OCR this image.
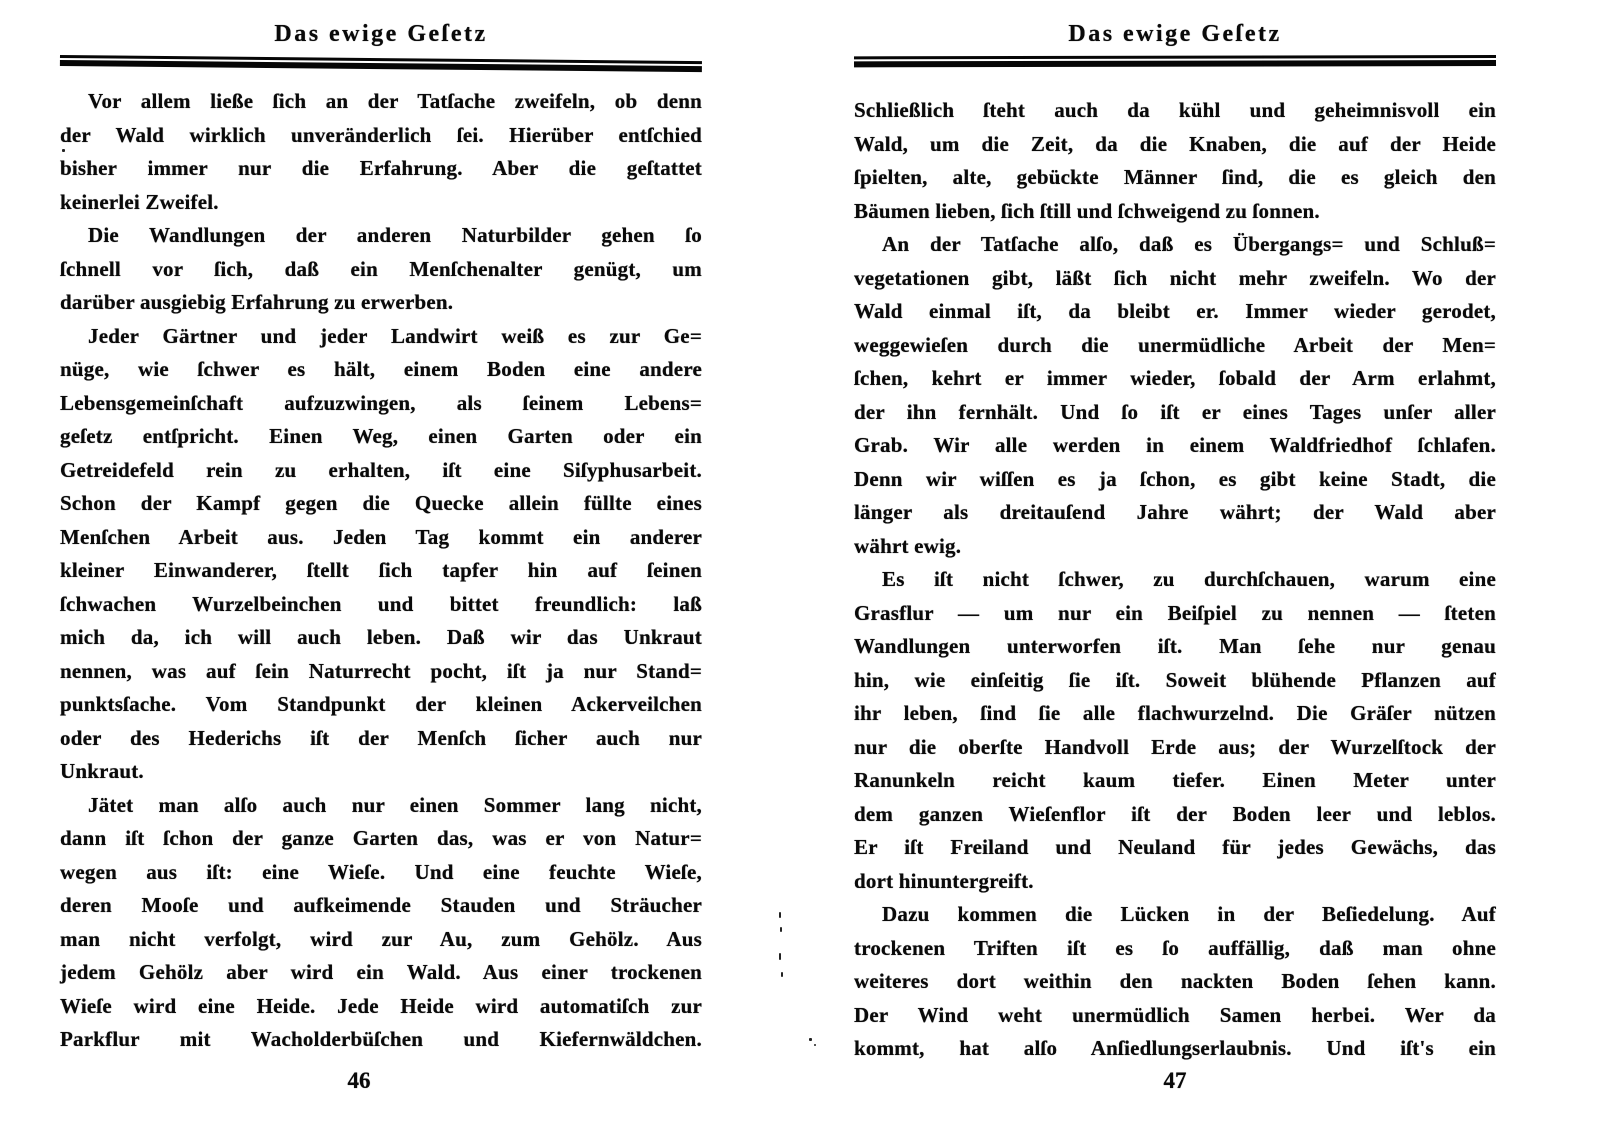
Das ewige Geſetz
Vor allem ließe ſich an der Tatſache zweifeln, ob denn
der Wald wirklich unveränderlich ſei. Hierüber entſchied
bisher immer nur die Erfahrung. Aber die geſtattet
keinerlei Zweifel.
Die Wandlungen der anderen Naturbilder gehen ſo
ſchnell vor ſich, daß ein Menſchenalter genügt, um
darüber ausgiebig Erfahrung zu erwerben.
Jeder Gärtner und jeder Landwirt weiß es zur Ge=
nüge, wie ſchwer es hält, einem Boden eine andere
Lebensgemeinſchaft aufzuzwingen, als ſeinem Lebens=
geſetz entſpricht. Einen Weg, einen Garten oder ein
Getreidefeld rein zu erhalten, iſt eine Siſyphusarbeit.
Schon der Kampf gegen die Quecke allein füllte eines
Menſchen Arbeit aus. Jeden Tag kommt ein anderer
kleiner Einwanderer, ſtellt ſich tapfer hin auf ſeinen
ſchwachen Wurzelbeinchen und bittet freundlich: laß
mich da, ich will auch leben. Daß wir das Unkraut
nennen, was auf ſein Naturrecht pocht, iſt ja nur Stand=
punktsſache. Vom Standpunkt der kleinen Ackerveilchen
oder des Hederichs iſt der Menſch ſicher auch nur
Unkraut.
Jätet man alſo auch nur einen Sommer lang nicht,
dann iſt ſchon der ganze Garten das, was er von Natur=
wegen aus iſt: eine Wieſe. Und eine feuchte Wieſe,
deren Mooſe und aufkeimende Stauden und Sträucher
man nicht verfolgt, wird zur Au, zum Gehölz. Aus
jedem Gehölz aber wird ein Wald. Aus einer trockenen
Wieſe wird eine Heide. Jede Heide wird automatiſch zur
Parkflur mit Wacholderbüſchen und Kiefernwäldchen.
46
Das ewige Geſetz
Schließlich ſteht auch da kühl und geheimnisvoll ein
Wald, um die Zeit, da die Knaben, die auf der Heide
ſpielten, alte, gebückte Männer ſind, die es gleich den
Bäumen lieben, ſich ſtill und ſchweigend zu ſonnen.
An der Tatſache alſo, daß es Übergangs= und Schluß=
vegetationen gibt, läßt ſich nicht mehr zweifeln. Wo der
Wald einmal iſt, da bleibt er. Immer wieder gerodet,
weggewieſen durch die unermüdliche Arbeit der Men=
ſchen, kehrt er immer wieder, ſobald der Arm erlahmt,
der ihn fernhält. Und ſo iſt er eines Tages unſer aller
Grab. Wir alle werden in einem Waldfriedhof ſchlafen.
Denn wir wiſſen es ja ſchon, es gibt keine Stadt, die
länger als dreitauſend Jahre währt; der Wald aber
währt ewig.
Es iſt nicht ſchwer, zu durchſchauen, warum eine
Grasflur — um nur ein Beiſpiel zu nennen — ſteten
Wandlungen unterworfen iſt. Man ſehe nur genau
hin, wie einſeitig ſie iſt. Soweit blühende Pflanzen auf
ihr leben, ſind ſie alle flachwurzelnd. Die Gräſer nützen
nur die oberſte Handvoll Erde aus; der Wurzelſtock der
Ranunkeln reicht kaum tiefer. Einen Meter unter
dem ganzen Wieſenflor iſt der Boden leer und leblos.
Er iſt Freiland und Neuland für jedes Gewächs, das
dort hinuntergreift.
Dazu kommen die Lücken in der Beſiedelung. Auf
trockenen Triften iſt es ſo auffällig, daß man ohne
weiteres dort weithin den nackten Boden ſehen kann.
Der Wind weht unermüdlich Samen herbei. Wer da
kommt, hat alſo Anſiedlungserlaubnis. Und iſt's ein
47
